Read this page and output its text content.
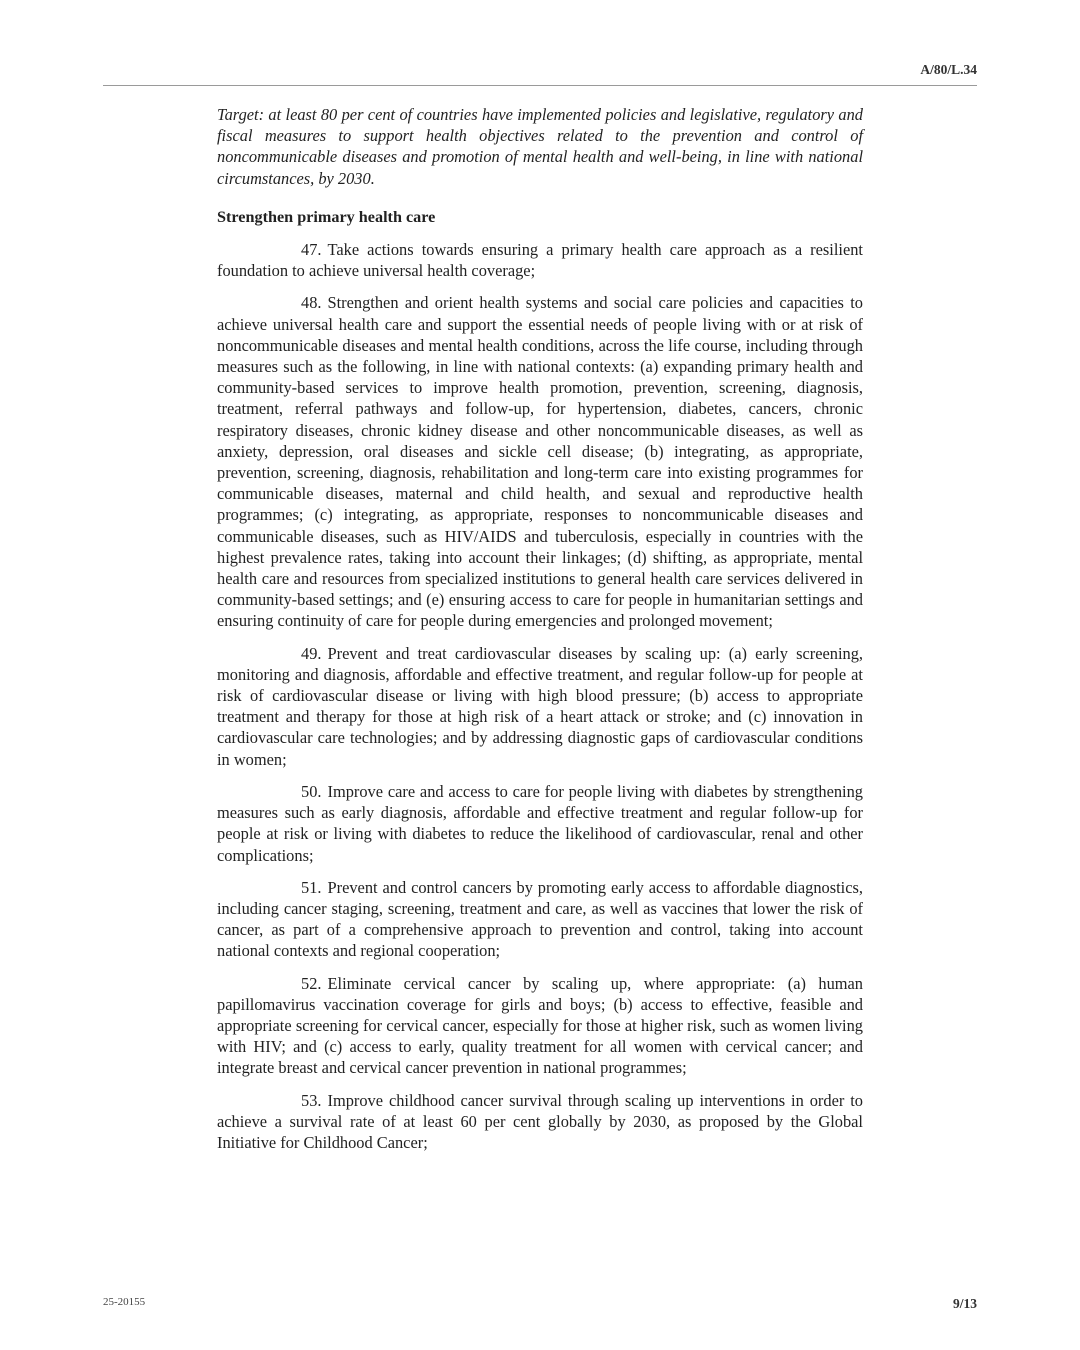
A/80/L.34

Target: at least 80 per cent of countries have implemented policies and legislative, regulatory and fiscal measures to support health objectives related to the prevention and control of noncommunicable diseases and promotion of mental health and well-being, in line with national circumstances, by 2030.

Strengthen primary health care

47. Take actions towards ensuring a primary health care approach as a resilient foundation to achieve universal health coverage;

48. Strengthen and orient health systems and social care policies and capacities to achieve universal health care and support the essential needs of people living with or at risk of noncommunicable diseases and mental health conditions, across the life course, including through measures such as the following, in line with national contexts: (a) expanding primary health and community-based services to improve health promotion, prevention, screening, diagnosis, treatment, referral pathways and follow-up, for hypertension, diabetes, cancers, chronic respiratory diseases, chronic kidney disease and other noncommunicable diseases, as well as anxiety, depression, oral diseases and sickle cell disease; (b) integrating, as appropriate, prevention, screening, diagnosis, rehabilitation and long-term care into existing programmes for communicable diseases, maternal and child health, and sexual and reproductive health programmes; (c) integrating, as appropriate, responses to noncommunicable diseases and communicable diseases, such as HIV/AIDS and tuberculosis, especially in countries with the highest prevalence rates, taking into account their linkages; (d) shifting, as appropriate, mental health care and resources from specialized institutions to general health care services delivered in community-based settings; and (e) ensuring access to care for people in humanitarian settings and ensuring continuity of care for people during emergencies and prolonged movement;

49. Prevent and treat cardiovascular diseases by scaling up: (a) early screening, monitoring and diagnosis, affordable and effective treatment, and regular follow-up for people at risk of cardiovascular disease or living with high blood pressure; (b) access to appropriate treatment and therapy for those at high risk of a heart attack or stroke; and (c) innovation in cardiovascular care technologies; and by addressing diagnostic gaps of cardiovascular conditions in women;

50. Improve care and access to care for people living with diabetes by strengthening measures such as early diagnosis, affordable and effective treatment and regular follow-up for people at risk or living with diabetes to reduce the likelihood of cardiovascular, renal and other complications;

51. Prevent and control cancers by promoting early access to affordable diagnostics, including cancer staging, screening, treatment and care, as well as vaccines that lower the risk of cancer, as part of a comprehensive approach to prevention and control, taking into account national contexts and regional cooperation;

52. Eliminate cervical cancer by scaling up, where appropriate: (a) human papillomavirus vaccination coverage for girls and boys; (b) access to effective, feasible and appropriate screening for cervical cancer, especially for those at higher risk, such as women living with HIV; and (c) access to early, quality treatment for all women with cervical cancer; and integrate breast and cervical cancer prevention in national programmes;

53. Improve childhood cancer survival through scaling up interventions in order to achieve a survival rate of at least 60 per cent globally by 2030, as proposed by the Global Initiative for Childhood Cancer;

25-20155	9/13
